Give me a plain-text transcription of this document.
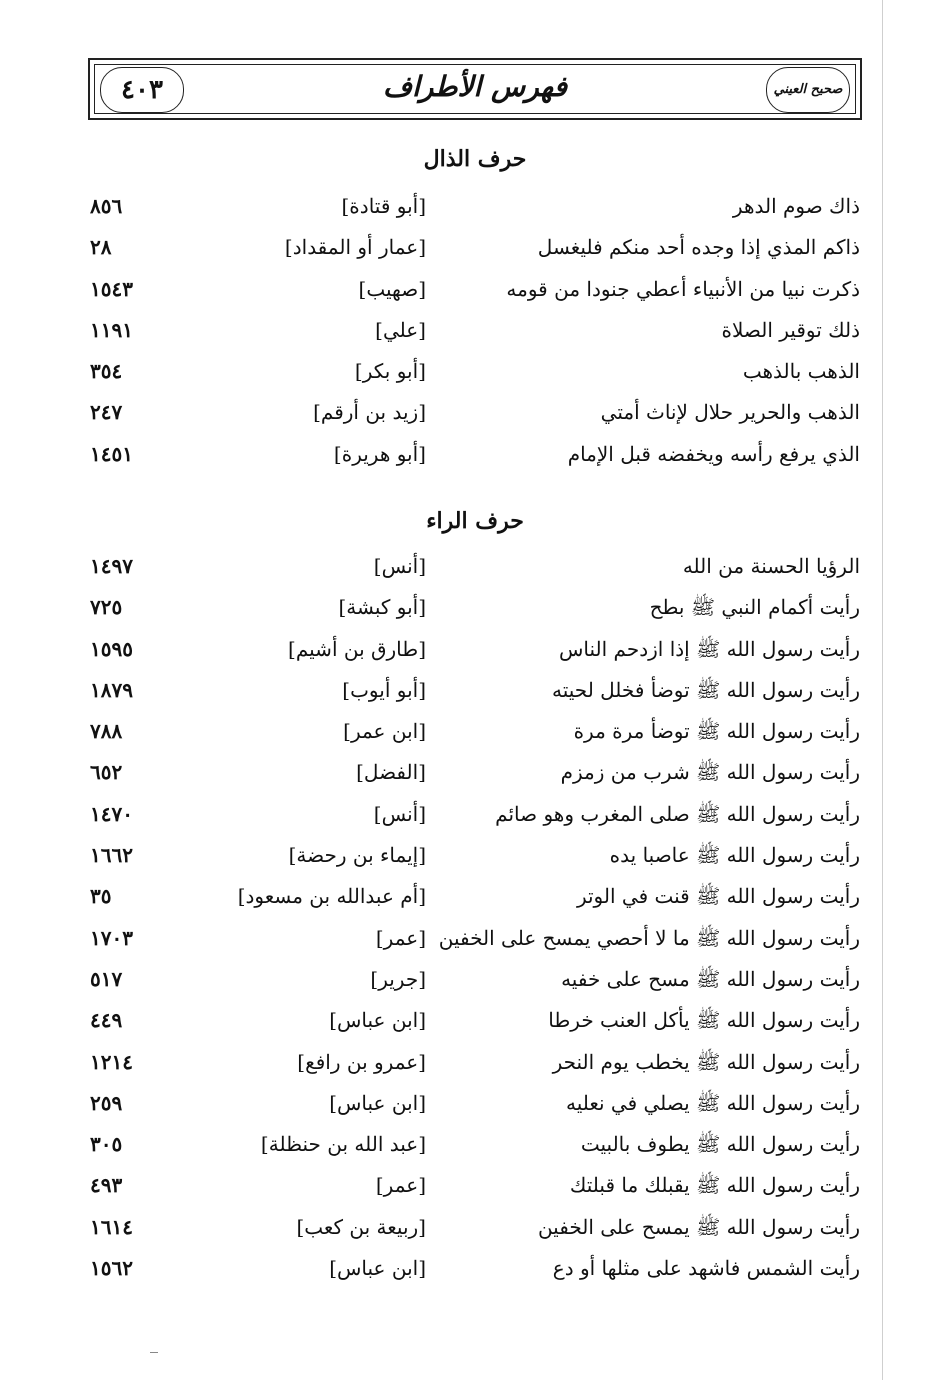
٤٠٣	فهرس الأطراف	صحيح العيني
حرف الذال
ذاك صوم الدهر
[أبو قتادة]
٨٥٦
ذاكم المذي إذا وجده أحد منكم فليغسل
[عمار أو المقداد]
٢٨
ذكرت نبيا من الأنبياء أعطي جنودا من قومه
[صهيب]
١٥٤٣
ذلك توقير الصلاة
[علي]
١١٩١
الذهب بالذهب
[أبو بكر]
٣٥٤
الذهب والحرير حلال لإناث أمتي
[زيد بن أرقم]
٢٤٧
الذي يرفع رأسه ويخفضه قبل الإمام
[أبو هريرة]
١٤٥١
حرف الراء
الرؤيا الحسنة من الله
[أنس]
١٤٩٧
رأيت أكمام النبي ﷺ بطح
[أبو كبشة]
٧٢٥
رأيت رسول الله ﷺ إذا ازدحم الناس
[طارق بن أشيم]
١٥٩٥
رأيت رسول الله ﷺ توضأ فخلل لحيته
[أبو أيوب]
١٨٧٩
رأيت رسول الله ﷺ توضأ مرة مرة
[ابن عمر]
٧٨٨
رأيت رسول الله ﷺ شرب من زمزم
[الفضل]
٦٥٢
رأيت رسول الله ﷺ صلى المغرب وهو صائم
[أنس]
١٤٧٠
رأيت رسول الله ﷺ عاصبا يده
[إيماء بن رحضة]
١٦٦٢
رأيت رسول الله ﷺ قنت في الوتر
[أم عبدالله بن مسعود]
٣٥
رأيت رسول الله ﷺ ما لا أحصي يمسح على الخفين
[عمر]
١٧٠٣
رأيت رسول الله ﷺ مسح على خفيه
[جرير]
٥١٧
رأيت رسول الله ﷺ يأكل العنب خرطا
[ابن عباس]
٤٤٩
رأيت رسول الله ﷺ يخطب يوم النحر
[عمرو بن رافع]
١٢١٤
رأيت رسول الله ﷺ يصلي في نعليه
[ابن عباس]
٢٥٩
رأيت رسول الله ﷺ يطوف بالبيت
[عبد الله بن حنظلة]
٣٠٥
رأيت رسول الله ﷺ يقبلك ما قبلتك
[عمر]
٤٩٣
رأيت رسول الله ﷺ يمسح على الخفين
[ربيعة بن كعب]
١٦١٤
رأيت الشمس فاشهد على مثلها أو دع
[ابن عباس]
١٥٦٢
